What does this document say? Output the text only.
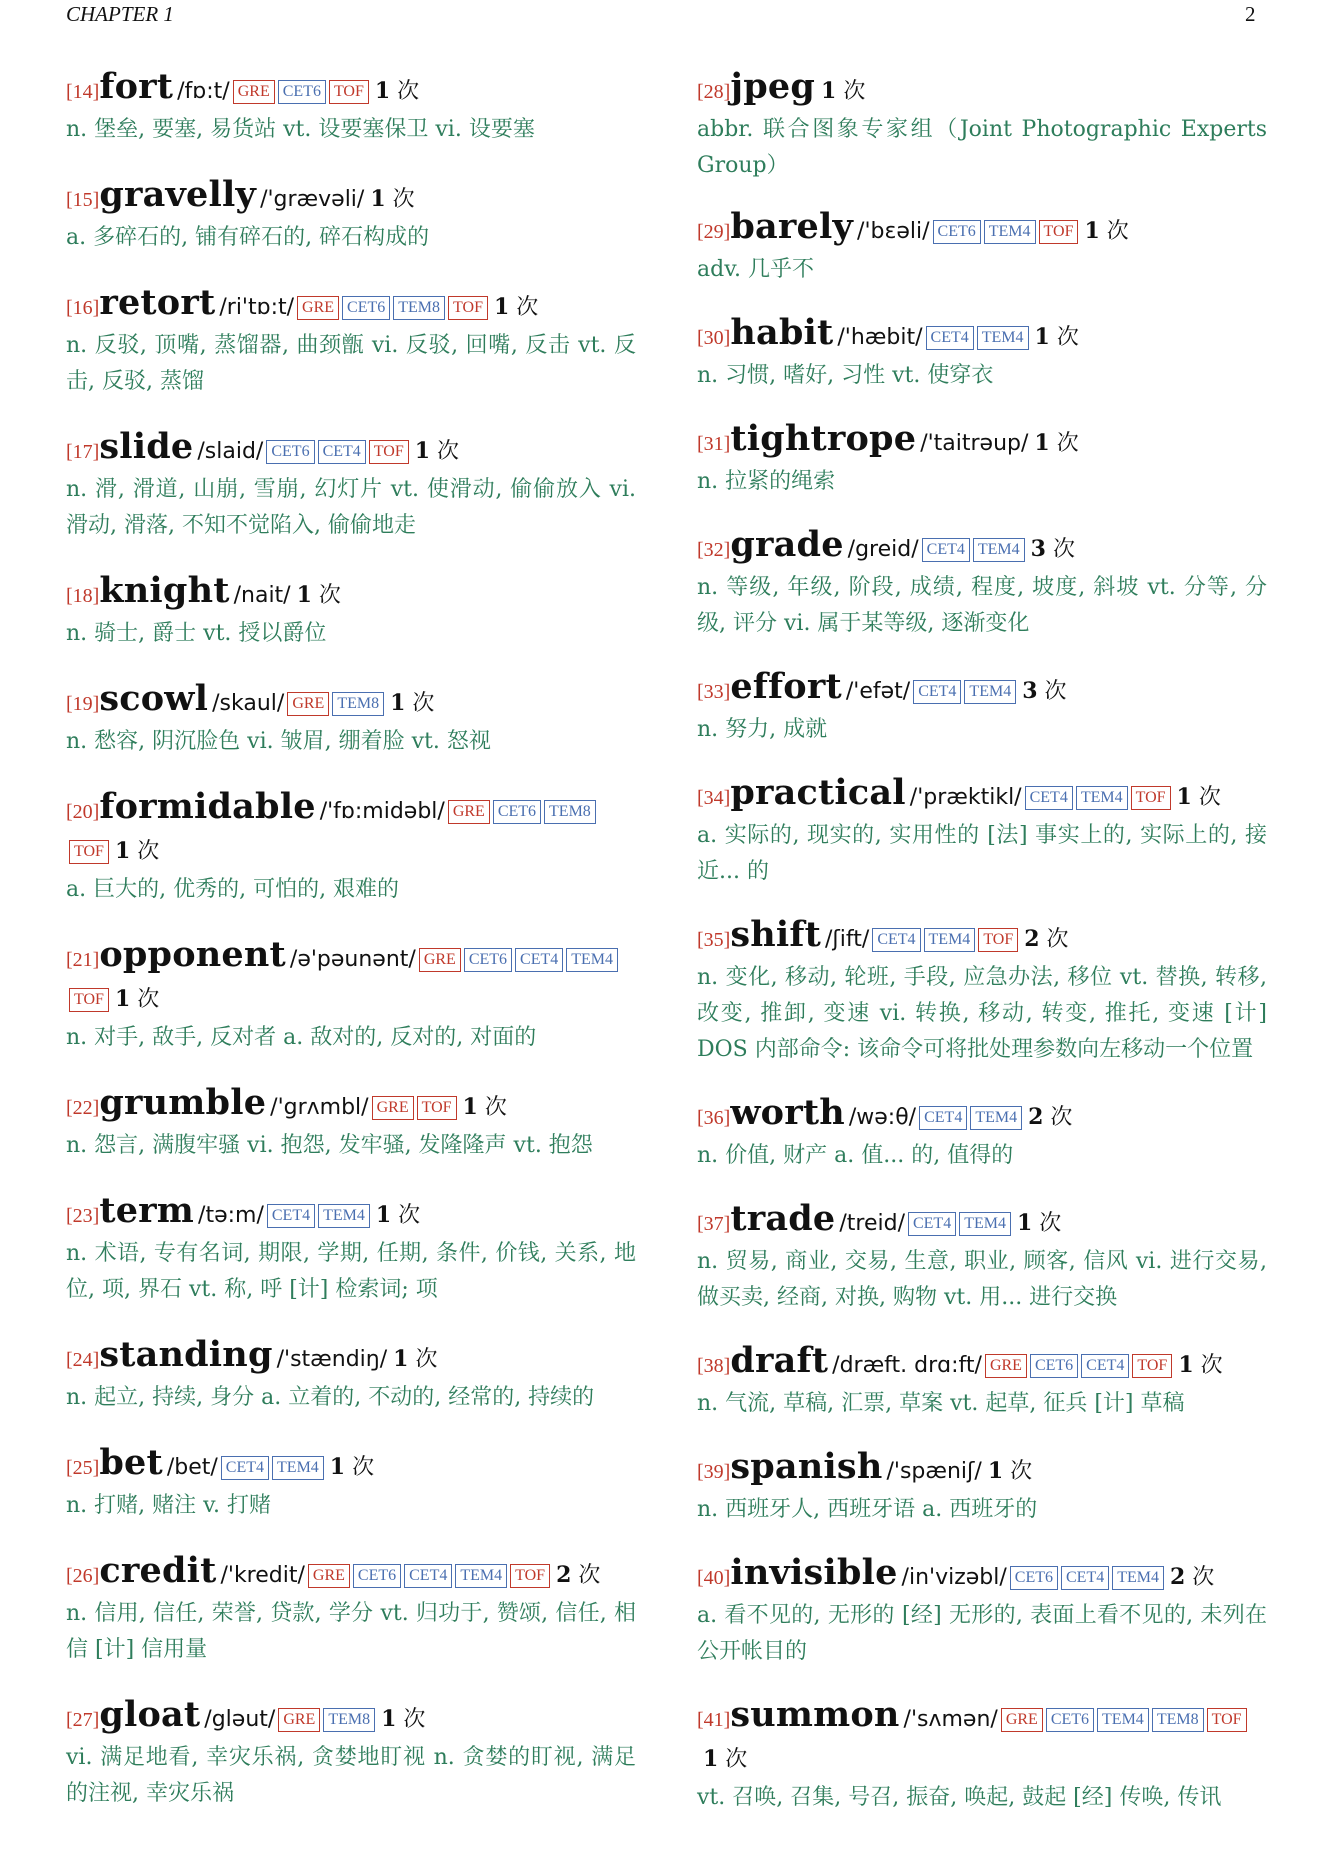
CHAPTER 1	2
[14]fort /fɒ:t/ GRE CET6 TOF 1 次
n. 堡垒, 要塞, 易货站 vt. 设要塞保卫 vi. 设要塞
[15]gravelly /'grævəli/ 1 次
a. 多碎石的, 铺有碎石的, 碎石构成的
[16]retort /ri'tɒ:t/ GRE CET6 TEM8 TOF 1 次
n. 反驳, 顶嘴, 蒸馏器, 曲颈甑 vi. 反驳, 回嘴, 反击 vt. 反击, 反驳, 蒸馏
[17]slide /slaid/ CET6 CET4 TOF 1 次
n. 滑, 滑道, 山崩, 雪崩, 幻灯片 vt. 使滑动, 偷偷放入 vi. 滑动, 滑落, 不知不觉陷入, 偷偷地走
[18]knight /nait/ 1 次
n. 骑士, 爵士 vt. 授以爵位
[19]scowl /skaul/ GRE TEM8 1 次
n. 愁容, 阴沉脸色 vi. 皱眉, 绷着脸 vt. 怒视
[20]formidable /'fɒ:midəbl/ GRE CET6 TEM8TOF 1 次
a. 巨大的, 优秀的, 可怕的, 艰难的
[21]opponent /ə'pəunənt/ GRE CET6 CET4 TEM4TOF 1 次
n. 对手, 敌手, 反对者 a. 敌对的, 反对的, 对面的
[22]grumble /'grʌmbl/ GRE TOF 1 次
n. 怨言, 满腹牢骚 vi. 抱怨, 发牢骚, 发隆隆声 vt. 抱怨
[23]term /tə:m/ CET4 TEM4 1 次
n. 术语, 专有名词, 期限, 学期, 任期, 条件, 价钱, 关系, 地位, 项, 界石 vt. 称, 呼 [计] 检索词; 项
[24]standing /'stændiŋ/ 1 次
n. 起立, 持续, 身分 a. 立着的, 不动的, 经常的, 持续的
[25]bet /bet/ CET4 TEM4 1 次
n. 打赌, 赌注 v. 打赌
[26]credit /'kredit/ GRE CET6 CET4 TEM4 TOF 2 次
n. 信用, 信任, 荣誉, 贷款, 学分 vt. 归功于, 赞颂, 信任, 相信 [计] 信用量
[27]gloat /gləut/ GRE TEM8 1 次
vi. 满足地看, 幸灾乐祸, 贪婪地盯视 n. 贪婪的盯视, 满足的注视, 幸灾乐祸
[28]jpeg 1 次
abbr. 联合图象专家组（Joint Photographic Experts Group）
[29]barely /'bɛəli/ CET6 TEM4 TOF 1 次
adv. 几乎不
[30]habit /'hæbit/ CET4 TEM4 1 次
n. 习惯, 嗜好, 习性 vt. 使穿衣
[31]tightrope /'taitrəup/ 1 次
n. 拉紧的绳索
[32]grade /greid/ CET4 TEM4 3 次
n. 等级, 年级, 阶段, 成绩, 程度, 坡度, 斜坡 vt. 分等, 分级, 评分 vi. 属于某等级, 逐渐变化
[33]effort /'efət/ CET4 TEM4 3 次
n. 努力, 成就
[34]practical /'præktikl/ CET4 TEM4 TOF 1 次
a. 实际的, 现实的, 实用性的 [法] 事实上的, 实际上的, 接近... 的
[35]shift /ʃift/ CET4 TEM4 TOF 2 次
n. 变化, 移动, 轮班, 手段, 应急办法, 移位 vt. 替换, 转移, 改变, 推卸, 变速 vi. 转换, 移动, 转变, 推托, 变速 [计] DOS 内部命令: 该命令可将批处理参数向左移动一个位置
[36]worth /wə:θ/ CET4 TEM4 2 次
n. 价值, 财产 a. 值... 的, 值得的
[37]trade /treid/ CET4 TEM4 1 次
n. 贸易, 商业, 交易, 生意, 职业, 顾客, 信风 vi. 进行交易, 做买卖, 经商, 对换, 购物 vt. 用... 进行交换
[38]draft /dræft. drɑ:ft/ GRE CET6 CET4 TOF 1 次
n. 气流, 草稿, 汇票, 草案 vt. 起草, 征兵 [计] 草稿
[39]spanish /'spæniʃ/ 1 次
n. 西班牙人, 西班牙语 a. 西班牙的
[40]invisible /in'vizəbl/ CET6 CET4 TEM4 2 次
a. 看不见的, 无形的 [经] 无形的, 表面上看不见的, 未列在公开帐目的
[41]summon /'sʌmən/ GRE CET6 TEM4 TEM8 TOF1 次
vt. 召唤, 召集, 号召, 振奋, 唤起, 鼓起 [经] 传唤, 传讯
